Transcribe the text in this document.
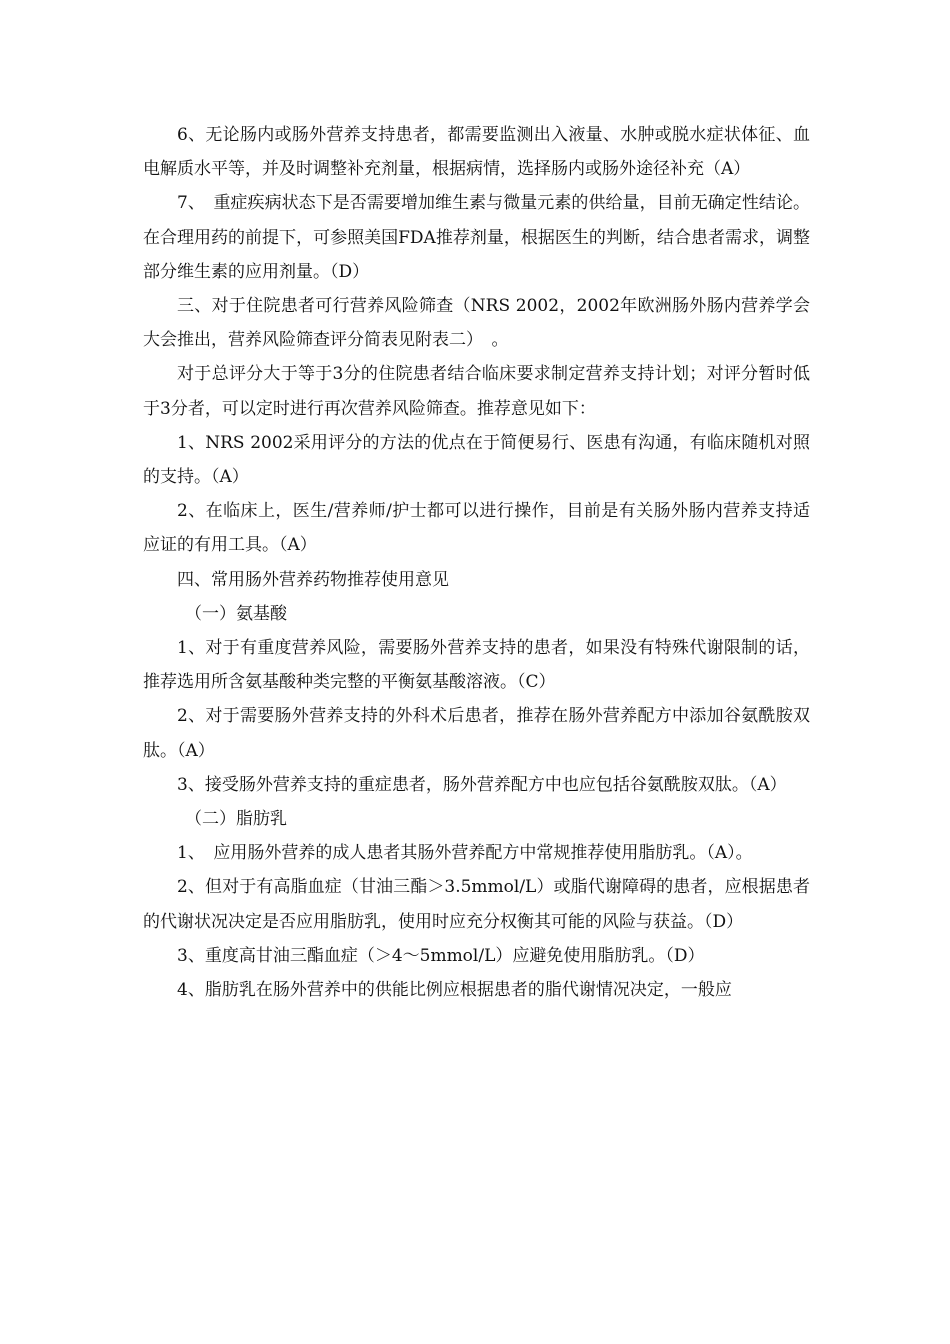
6、无论肠内或肠外营养支持患者，都需要监测出入液量、水肿或脱水症状体征、血电解质水平等，并及时调整补充剂量，根据病情，选择肠内或肠外途径补充（A）

7、　重症疾病状态下是否需要增加维生素与微量元素的供给量，目前无确定性结论。在合理用药的前提下，可参照美国FDA推荐剂量，根据医生的判断，结合患者需求，调整部分维生素的应用剂量。（D）

三、对于住院患者可行营养风险筛查（NRS 2002，2002年欧洲肠外肠内营养学会大会推出，营养风险筛查评分简表见附表二）　。

对于总评分大于等于3分的住院患者结合临床要求制定营养支持计划；对评分暂时低于3分者，可以定时进行再次营养风险筛查。推荐意见如下：

1、NRS 2002采用评分的方法的优点在于简便易行、医患有沟通，有临床随机对照的支持。（A）

2、在临床上，医生/营养师/护士都可以进行操作，目前是有关肠外肠内营养支持适应证的有用工具。（A）

四、常用肠外营养药物推荐使用意见

（一）氨基酸

1、对于有重度营养风险，需要肠外营养支持的患者，如果没有特殊代谢限制的话，推荐选用所含氨基酸种类完整的平衡氨基酸溶液。（C）

2、对于需要肠外营养支持的外科术后患者，推荐在肠外营养配方中添加谷氨酰胺双肽。（A）

3、接受肠外营养支持的重症患者，肠外营养配方中也应包括谷氨酰胺双肽。（A）

（二）脂肪乳

1、　应用肠外营养的成人患者其肠外营养配方中常规推荐使用脂肪乳。（A）。

2、但对于有高脂血症（甘油三酯＞3.5mmol/L）或脂代谢障碍的患者，应根据患者的代谢状况决定是否应用脂肪乳，使用时应充分权衡其可能的风险与获益。（D）

3、重度高甘油三酯血症（＞4～5mmol/L）应避免使用脂肪乳。（D）

4、脂肪乳在肠外营养中的供能比例应根据患者的脂代谢情况决定，一般应
